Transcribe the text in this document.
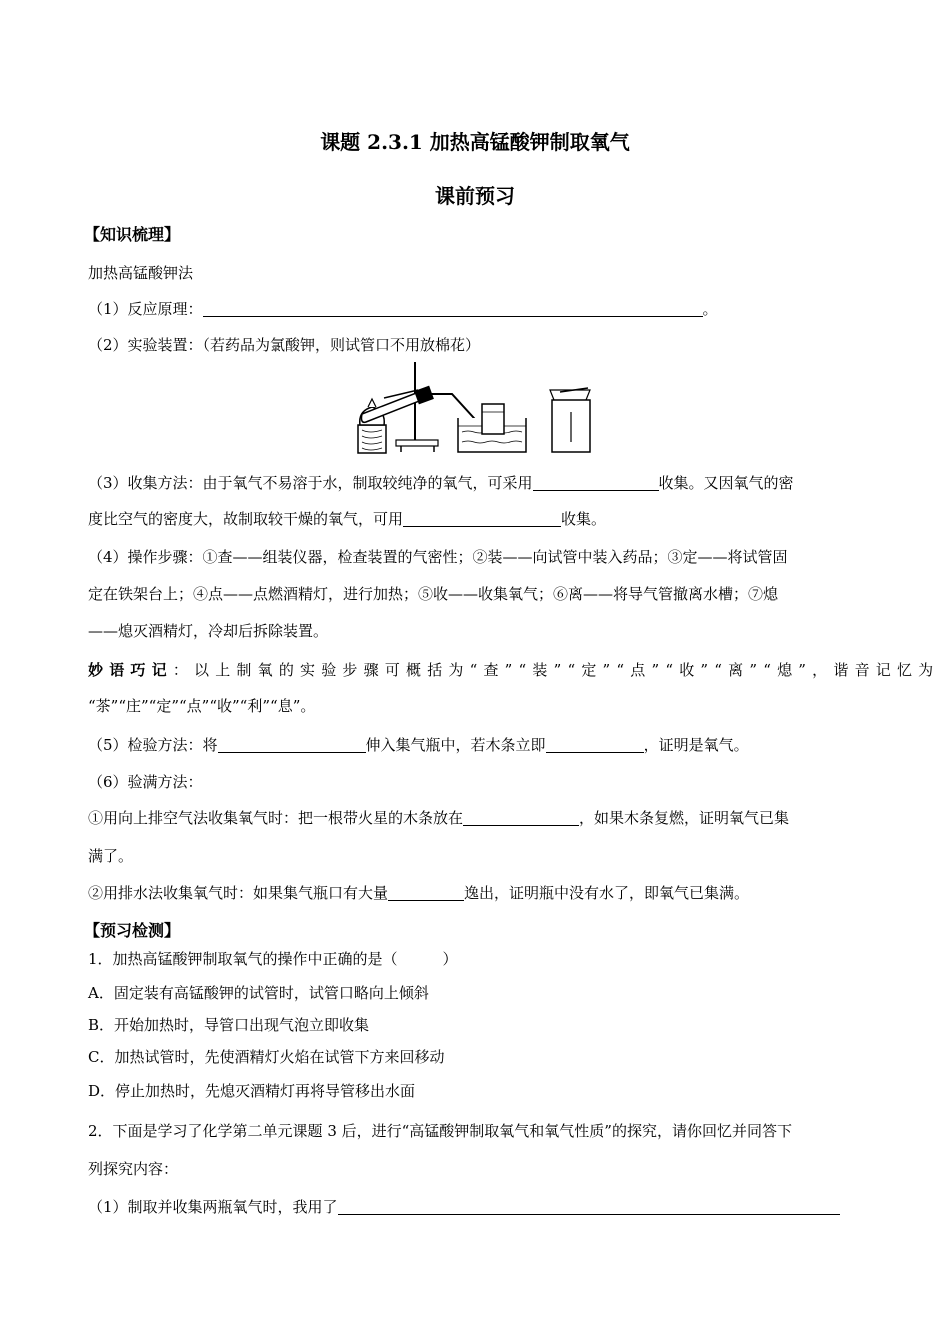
课题 2.3.1 加热高锰酸钾制取氧气
课前预习
【知识梳理】
加热高锰酸钾法
（1）反应原理：	。
（2）实验装置：（若药品为氯酸钾，则试管口不用放棉花）
（3）收集方法：由于氧气不易溶于水，制取较纯净的氧气，可采用	收集。又因氧气的密
度比空气的密度大，故制取较干燥的氧气，可用	收集。
（4）操作步骤：①查——组装仪器，检查装置的气密性；②装——向试管中装入药品；③定——将试管固
定在铁架台上；④点——点燃酒精灯，进行加热；⑤收——收集氧气；⑥离——将导气管撤离水槽；⑦熄
——熄灭酒精灯，冷却后拆除装置。
妙语巧记：以上制氧的实验步骤可概括为“查”“装”“定”“点”“收”“离”“熄”，谐音记忆为
“茶”“庄”“定”“点”“收”“利”“息”。
（5）检验方法：将	伸入集气瓶中，若木条立即	，证明是氧气。
（6）验满方法：
①用向上排空气法收集氧气时：把一根带火星的木条放在	，如果木条复燃，证明氧气已集
满了。
②用排水法收集氧气时：如果集气瓶口有大量	逸出，证明瓶中没有水了，即氧气已集满。
【预习检测】
1．加热高锰酸钾制取氧气的操作中正确的是（　　　）
A．固定装有高锰酸钾的试管时，试管口略向上倾斜
B．开始加热时，导管口出现气泡立即收集
C．加热试管时，先使酒精灯火焰在试管下方来回移动
D．停止加热时，先熄灭酒精灯再将导管移出水面
2．下面是学习了化学第二单元课题 3 后，进行“高锰酸钾制取氧气和氧气性质”的探究，请你回忆并同答下
列探究内容：
（1）制取并收集两瓶氧气时，我用了
